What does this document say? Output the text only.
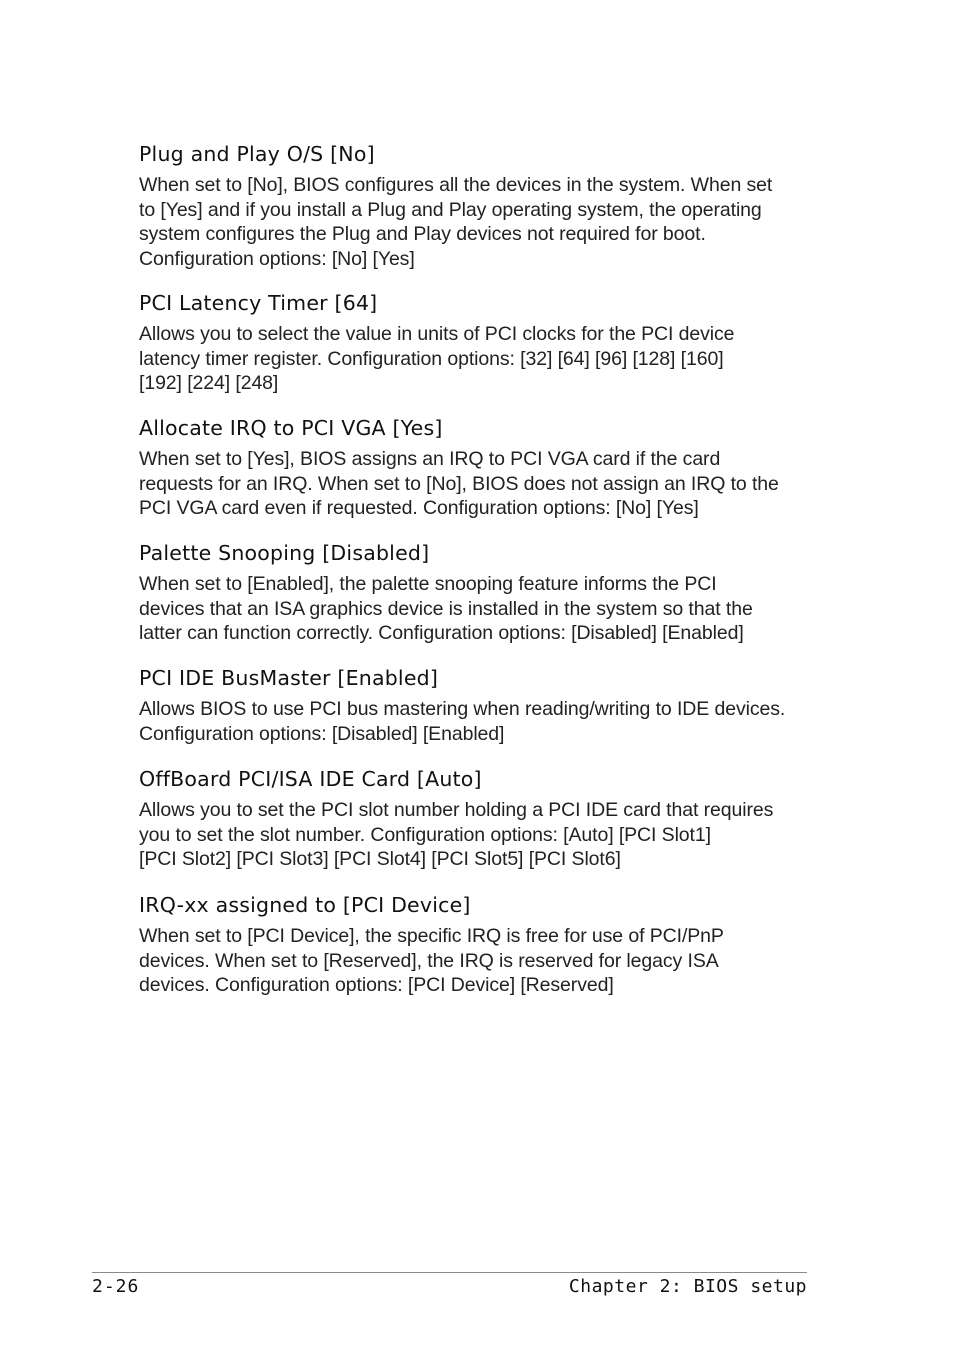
Plug and Play O/S [No]

When set to [No], BIOS configures all the devices in the system. When set
to [Yes] and if you install a Plug and Play operating system, the operating
system configures the Plug and Play devices not required for boot.
Configuration options: [No] [Yes]

PCI Latency Timer [64]

Allows you to select the value in units of PCI clocks for the PCI device
latency timer register. Configuration options: [32] [64] [96] [128] [160]
[192] [224] [248]

Allocate IRQ to PCI VGA [Yes]

When set to [Yes], BIOS assigns an IRQ to PCI VGA card if the card
requests for an IRQ. When set to [No], BIOS does not assign an IRQ to the
PCI VGA card even if requested. Configuration options: [No] [Yes]

Palette Snooping [Disabled]

When set to [Enabled], the palette snooping feature informs the PCI
devices that an ISA graphics device is installed in the system so that the
latter can function correctly. Configuration options: [Disabled] [Enabled]

PCI IDE BusMaster [Enabled]

Allows BIOS to use PCI bus mastering when reading/writing to IDE devices.
Configuration options: [Disabled] [Enabled]

OffBoard PCI/ISA IDE Card [Auto]

Allows you to set the PCI slot number holding a PCI IDE card that requires
you to set the slot number. Configuration options: [Auto] [PCI Slot1]
[PCI Slot2] [PCI Slot3] [PCI Slot4] [PCI Slot5] [PCI Slot6]

IRQ-xx assigned to [PCI Device]

When set to [PCI Device], the specific IRQ is free for use of PCI/PnP
devices. When set to [Reserved], the IRQ is reserved for legacy ISA
devices. Configuration options: [PCI Device] [Reserved]

2-26	Chapter 2: BIOS setup
